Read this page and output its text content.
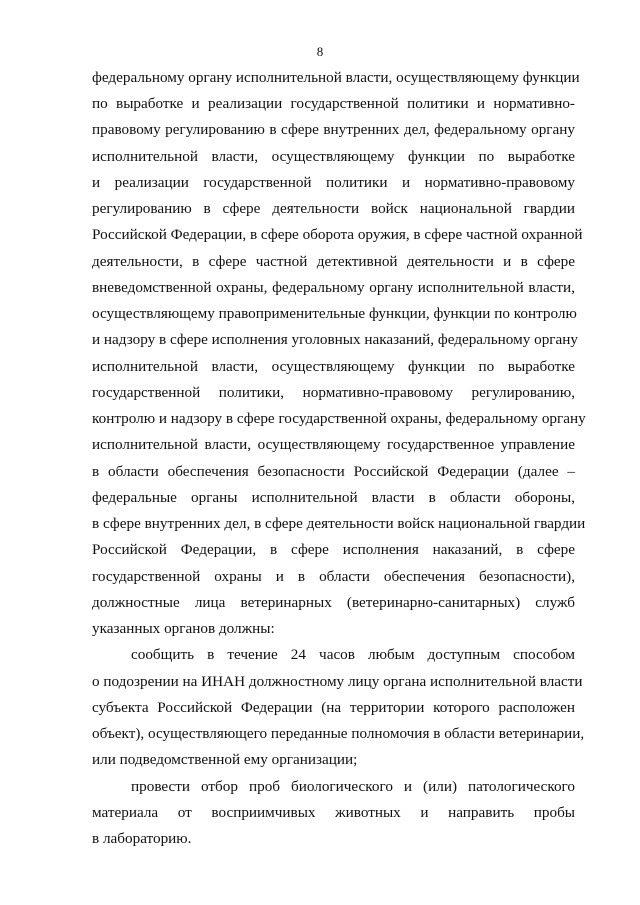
8
федеральному органу исполнительной власти, осуществляющему функции
по выработке и реализации государственной политики и нормативно-
правовому регулированию в сфере внутренних дел, федеральному органу
исполнительной власти, осуществляющему функции по выработке
и реализации государственной политики и нормативно-правовому
регулированию в сфере деятельности войск национальной гвардии
Российской Федерации, в сфере оборота оружия, в сфере частной охранной
деятельности, в сфере частной детективной деятельности и в сфере
вневедомственной охраны, федеральному органу исполнительной власти,
осуществляющему правоприменительные функции, функции по контролю
и надзору в сфере исполнения уголовных наказаний, федеральному органу
исполнительной власти, осуществляющему функции по выработке
государственной политики, нормативно-правовому регулированию,
контролю и надзору в сфере государственной охраны, федеральному органу
исполнительной власти, осуществляющему государственное управление
в области обеспечения безопасности Российской Федерации (далее –
федеральные органы исполнительной власти в области обороны,
в сфере внутренних дел, в сфере деятельности войск национальной гвардии
Российской Федерации, в сфере исполнения наказаний, в сфере
государственной охраны и в области обеспечения безопасности),
должностные лица ветеринарных (ветеринарно-санитарных) служб
указанных органов должны:
сообщить в течение 24 часов любым доступным способом
о подозрении на ИНАН должностному лицу органа исполнительной власти
субъекта Российской Федерации (на территории которого расположен
объект), осуществляющего переданные полномочия в области ветеринарии,
или подведомственной ему организации;
провести отбор проб биологического и (или) патологического
материала от восприимчивых животных и направить пробы
в лабораторию.
